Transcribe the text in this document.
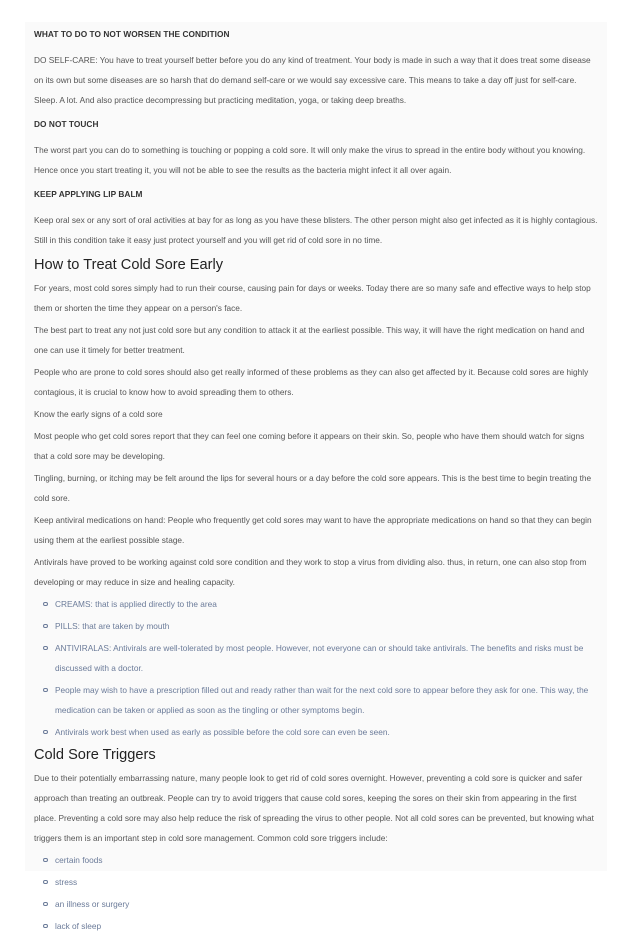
WHAT TO DO TO NOT WORSEN THE CONDITION

DO SELF-CARE: You have to treat yourself better before you do any kind of treatment. Your body is made in such a way that it does treat some disease on its own but some diseases are so harsh that do demand self-care or we would say excessive care. This means to take a day off just for self-care. Sleep. A lot. And also practice decompressing but practicing meditation, yoga, or taking deep breaths.

DO NOT TOUCH

The worst part you can do to something is touching or popping a cold sore. It will only make the virus to spread in the entire body without you knowing. Hence once you start treating it, you will not be able to see the results as the bacteria might infect it all over again.

KEEP APPLYING LIP BALM

Keep oral sex or any sort of oral activities at bay for as long as you have these blisters. The other person might also get infected as it is highly contagious. Still in this condition take it easy just protect yourself and you will get rid of cold sore in no time.

How to Treat Cold Sore Early

For years, most cold sores simply had to run their course, causing pain for days or weeks. Today there are so many safe and effective ways to help stop them or shorten the time they appear on a person's face.

The best part to treat any not just cold sore but any condition to attack it at the earliest possible. This way, it will have the right medication on hand and one can use it timely for better treatment.

People who are prone to cold sores should also get really informed of these problems as they can also get affected by it. Because cold sores are highly contagious, it is crucial to know how to avoid spreading them to others.

Know the early signs of a cold sore

Most people who get cold sores report that they can feel one coming before it appears on their skin. So, people who have them should watch for signs that a cold sore may be developing.

Tingling, burning, or itching may be felt around the lips for several hours or a day before the cold sore appears. This is the best time to begin treating the cold sore.

Keep antiviral medications on hand: People who frequently get cold sores may want to have the appropriate medications on hand so that they can begin using them at the earliest possible stage.

Antivirals have proved to be working against cold sore condition and they work to stop a virus from dividing also. thus, in return, one can also stop from developing or may reduce in size and healing capacity.

CREAMS: that is applied directly to the area
PILLS: that are taken by mouth
ANTIVIRALAS: Antivirals are well-tolerated by most people. However, not everyone can or should take antivirals. The benefits and risks must be discussed with a doctor.
People may wish to have a prescription filled out and ready rather than wait for the next cold sore to appear before they ask for one. This way, the medication can be taken or applied as soon as the tingling or other symptoms begin.
Antivirals work best when used as early as possible before the cold sore can even be seen.
Cold Sore Triggers

Due to their potentially embarrassing nature, many people look to get rid of cold sores overnight. However, preventing a cold sore is quicker and safer approach than treating an outbreak. People can try to avoid triggers that cause cold sores, keeping the sores on their skin from appearing in the first place. Preventing a cold sore may also help reduce the risk of spreading the virus to other people. Not all cold sores can be prevented, but knowing what triggers them is an important step in cold sore management. Common cold sore triggers include:

certain foods
stress
an illness or surgery
lack of sleep
